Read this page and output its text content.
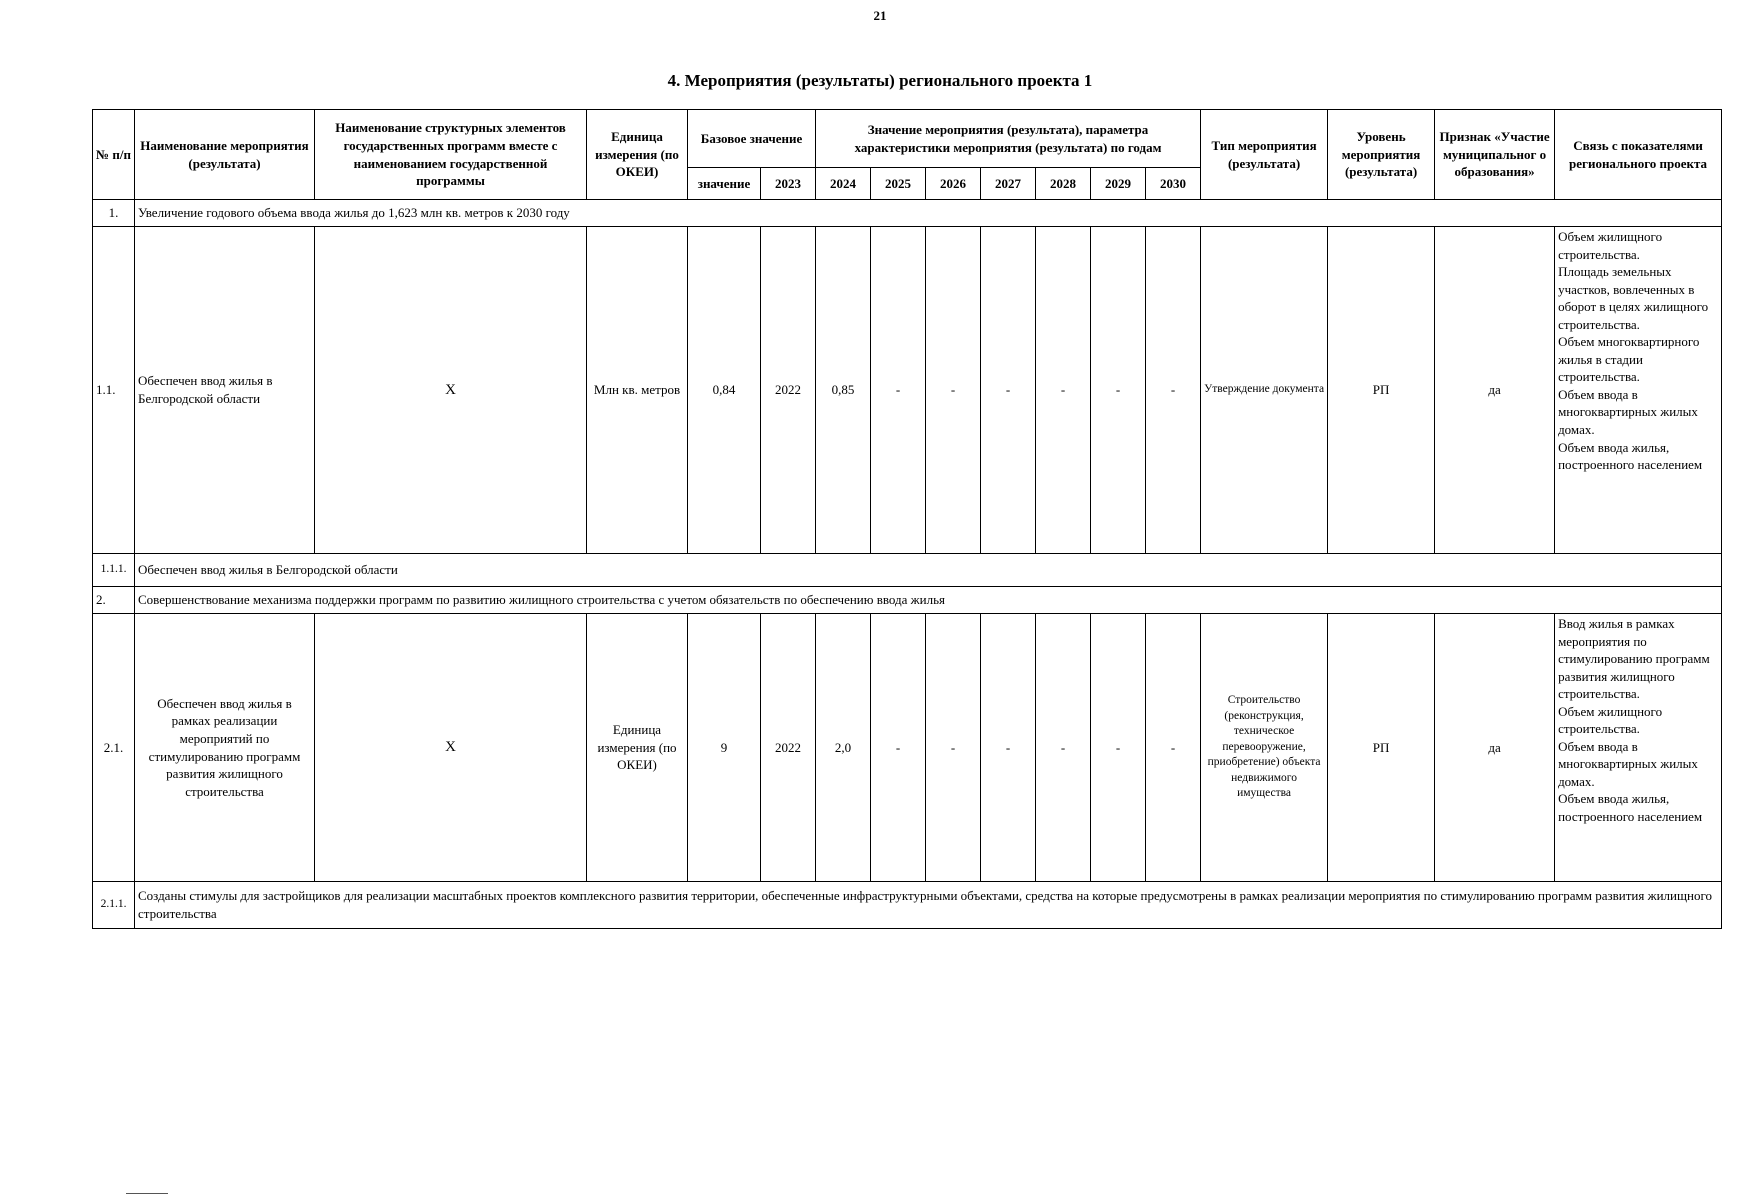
21
4. Мероприятия (результаты) регионального проекта 1
№ п/п	Наименование мероприятия (результата)	Наименование структурных элементов государственных программ вместе с наименованием государственной программы	Единица измерения (по ОКЕИ)	Базовое значение		Значение мероприятия (результата), параметра характеристики мероприятия (результата) по годам							Тип мероприятия (результата)	Уровень мероприятия (результата)	Признак «Участие муниципальног о образования»	Связь с показателями регионального проекта
				значение	2023	2024	2025	2026	2027	2028	2029	2030				
1.	Увеличение годового объема ввода жилья до 1,623 млн кв. метров к 2030 году															
1.1.	Обеспечен ввод жилья в Белгородской области	X	Млн кв. метров	0,84	2022	0,85	-	-	-	-	-	-	Утверждение документа	РП	да	Объем жилищного строительства.
Площадь земельных участков, вовлеченных в оборот в целях жилищного строительства.
Объем многоквартирного жилья в стадии строительства.
Объем ввода в многоквартирных жилых домах.
Объем ввода жилья, построенного населением

1.1.1.	Обеспечен ввод жилья в Белгородской области															
2.	Совершенствование механизма поддержки программ по развитию жилищного строительства с учетом обязательств по обеспечению ввода жилья															
2.1.	Обеспечен ввод жилья в рамках реализации мероприятий по стимулированию программ развития жилищного строительства	X	Единица измерения (по ОКЕИ)	9	2022	2,0	-	-	-	-	-	-	Строительство (реконструкция, техническое перевооружение, приобретение) объекта недвижимого имущества	РП	да	Ввод жилья в рамках мероприятия по стимулированию программ развития жилищного строительства.
Объем жилищного строительства.
Объем ввода в многоквартирных жилых домах.
Объем ввода жилья, построенного населением

2.1.1.	Созданы стимулы для застройщиков для реализации масштабных проектов комплексного развития территории, обеспеченные инфраструктурными объектами, средства на которые предусмотрены в рамках реализации мероприятия по стимулированию программ развития жилищного строительства															
